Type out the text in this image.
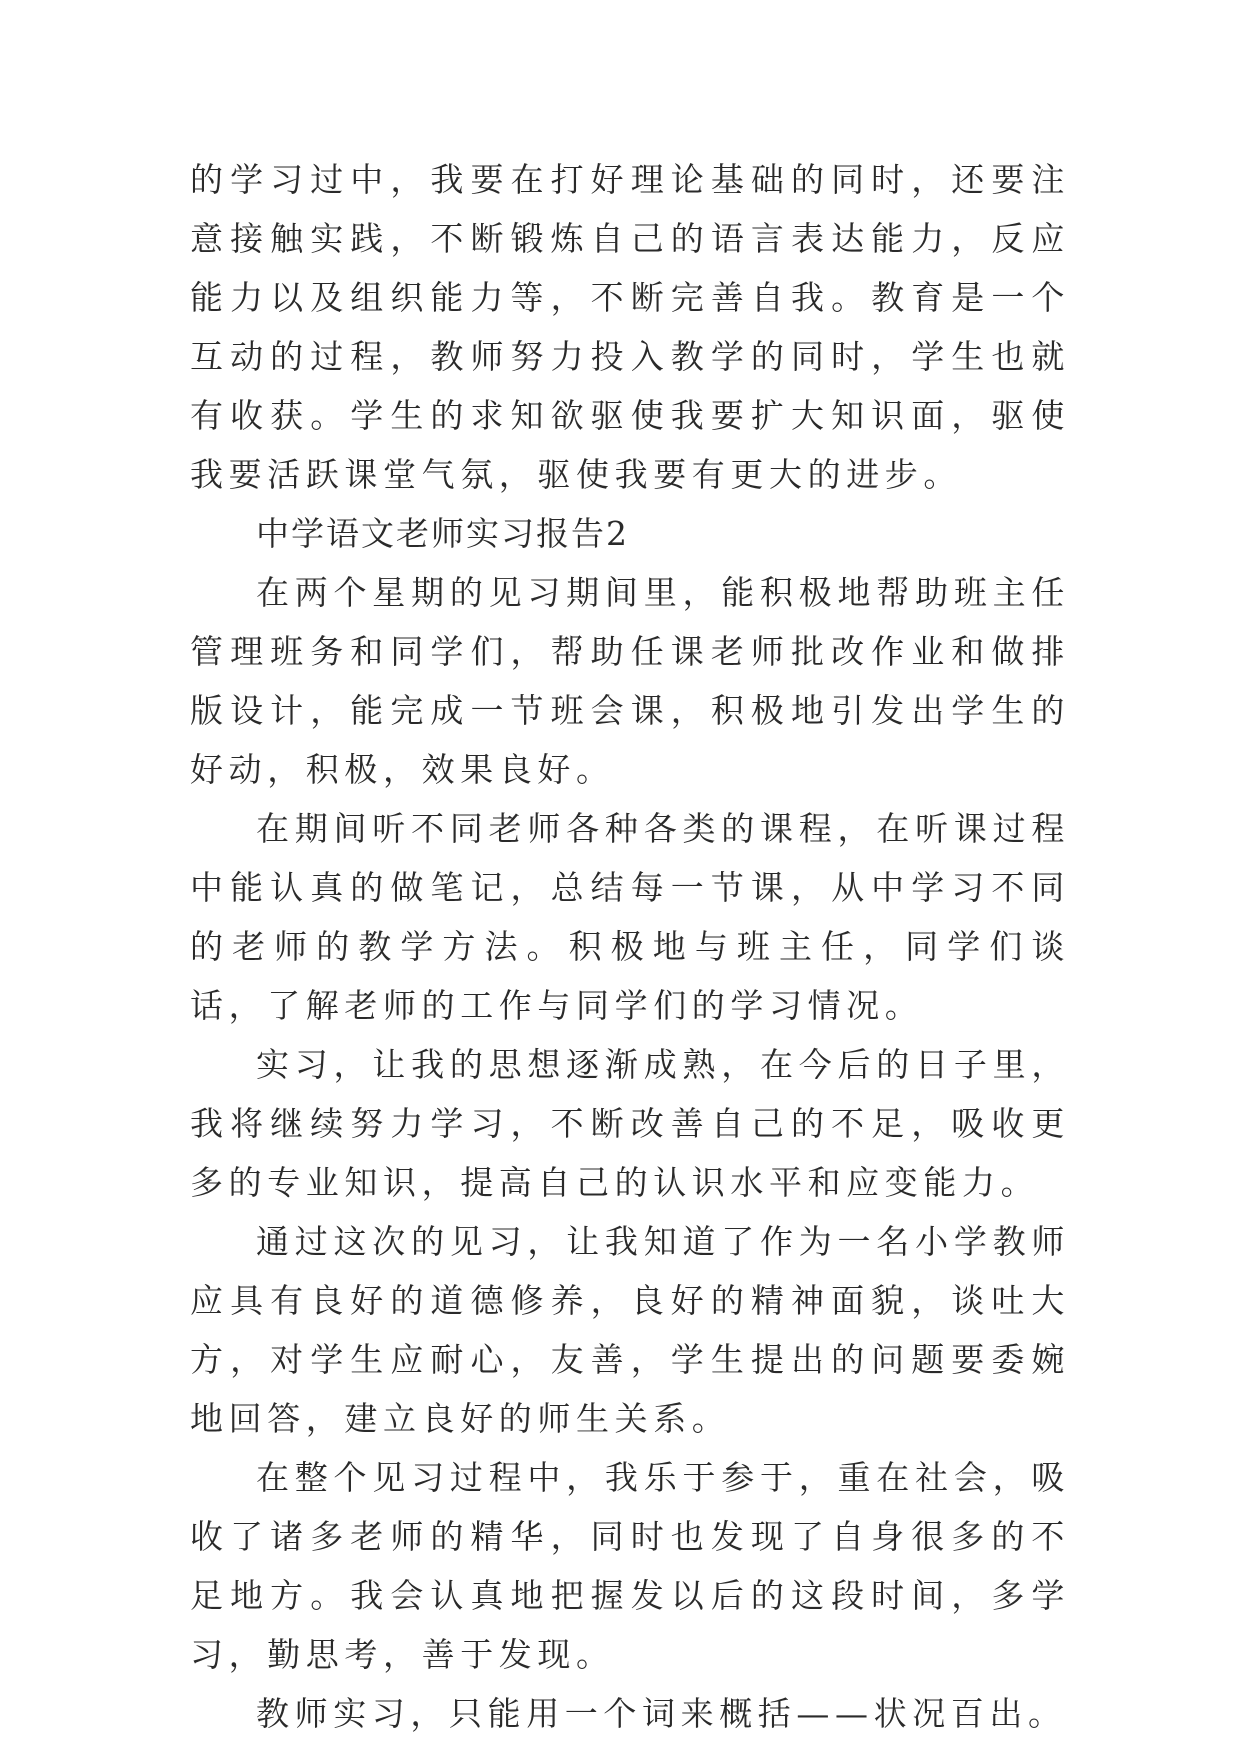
的学习过中，我要在打好理论基础的同时，还要注意接触实践，不断锻炼自己的语言表达能力，反应能力以及组织能力等，不断完善自我。教育是一个互动的过程，教师努力投入教学的同时，学生也就有收获。学生的求知欲驱使我要扩大知识面，驱使我要活跃课堂气氛，驱使我要有更大的进步。

中学语文老师实习报告2

在两个星期的见习期间里，能积极地帮助班主任管理班务和同学们，帮助任课老师批改作业和做排版设计，能完成一节班会课，积极地引发出学生的好动，积极，效果良好。

在期间听不同老师各种各类的课程，在听课过程中能认真的做笔记，总结每一节课，从中学习不同的老师的教学方法。积极地与班主任，同学们谈话，了解老师的工作与同学们的学习情况。

实习，让我的思想逐渐成熟，在今后的日子里，我将继续努力学习，不断改善自己的不足，吸收更多的专业知识，提高自己的认识水平和应变能力。

通过这次的见习，让我知道了作为一名小学教师应具有良好的道德修养，良好的精神面貌，谈吐大方，对学生应耐心，友善，学生提出的问题要委婉地回答，建立良好的师生关系。

在整个见习过程中，我乐于参于，重在社会，吸收了诸多老师的精华，同时也发现了自身很多的不足地方。我会认真地把握发以后的这段时间，多学习，勤思考，善于发现。

教师实习，只能用一个词来概括——状况百出。
